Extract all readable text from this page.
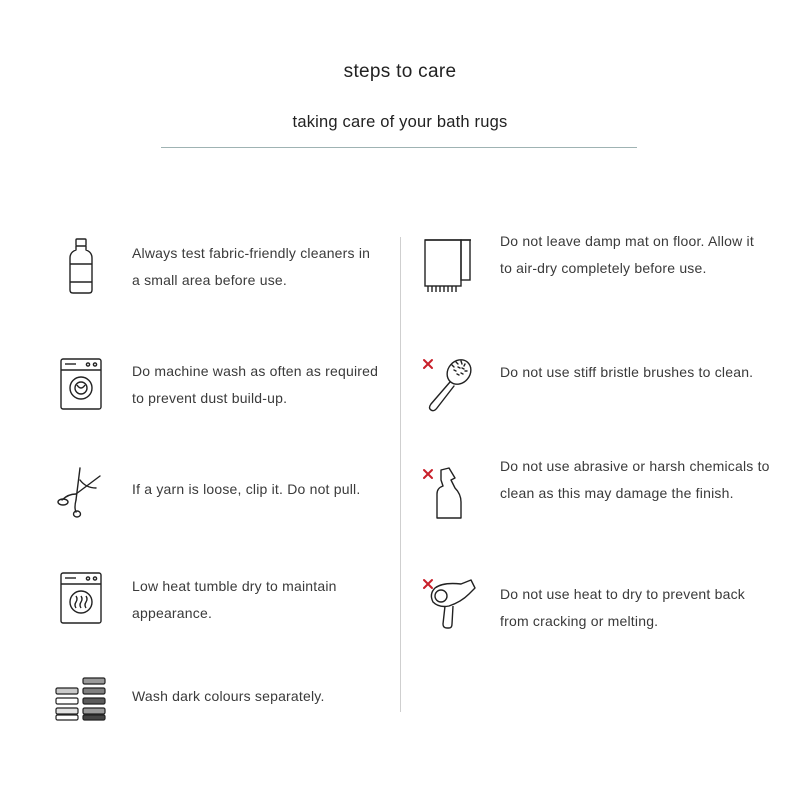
steps to care
taking care of your bath rugs
Always test fabric-friendly cleaners in a small area before use.
Do machine wash as often as required to prevent dust build-up.
If a yarn is loose, clip it. Do not pull.
Low heat tumble dry to maintain appearance.
Wash dark colours separately.
Do not leave damp mat on floor. Allow it to air-dry completely before use.
Do not use stiff bristle brushes to clean.
Do not use abrasive or harsh chemicals to clean as this may damage the finish.
Do not use heat to dry to prevent back from cracking or melting.
